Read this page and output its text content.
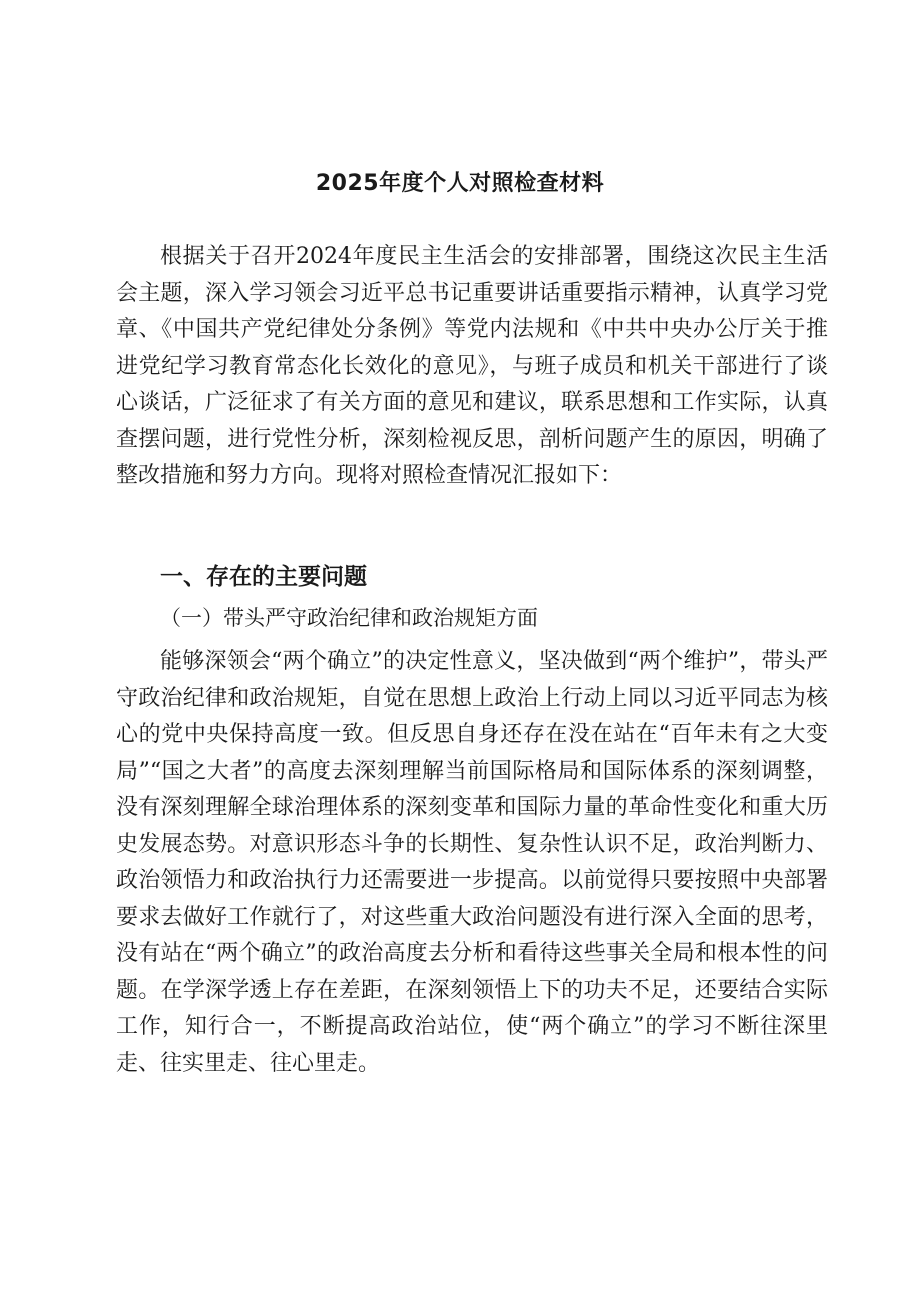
2025年度个人对照检查材料

根据关于召开2024年度民主生活会的安排部署，围绕这次民主生活会主题，深入学习领会习近平总书记重要讲话重要指示精神，认真学习党章、《中国共产党纪律处分条例》等党内法规和《中共中央办公厅关于推进党纪学习教育常态化长效化的意见》，与班子成员和机关干部进行了谈心谈话，广泛征求了有关方面的意见和建议，联系思想和工作实际，认真查摆问题，进行党性分析，深刻检视反思，剖析问题产生的原因，明确了整改措施和努力方向。现将对照检查情况汇报如下：

一、存在的主要问题
（一）带头严守政治纪律和政治规矩方面

能够深领会“两个确立”的决定性意义，坚决做到“两个维护”，带头严守政治纪律和政治规矩，自觉在思想上政治上行动上同以习近平同志为核心的党中央保持高度一致。但反思自身还存在没在站在“百年未有之大变局”“国之大者”的高度去深刻理解当前国际格局和国际体系的深刻调整，没有深刻理解全球治理体系的深刻变革和国际力量的革命性变化和重大历史发展态势。对意识形态斗争的长期性、复杂性认识不足，政治判断力、政治领悟力和政治执行力还需要进一步提高。以前觉得只要按照中央部署要求去做好工作就行了，对这些重大政治问题没有进行深入全面的思考，没有站在“两个确立”的政治高度去分析和看待这些事关全局和根本性的问题。在学深学透上存在差距，在深刻领悟上下的功夫不足，还要结合实际工作，知行合一，不断提高政治站位，使“两个确立”的学习不断往深里走、往实里走、往心里走。
